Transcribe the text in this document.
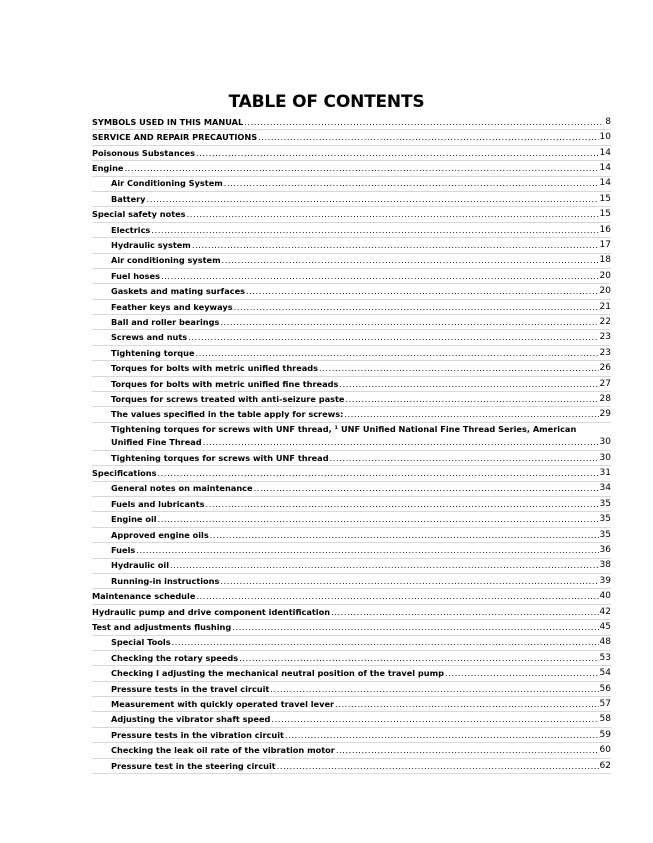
TABLE OF CONTENTS
SYMBOLS USED IN THIS MANUAL .....	8
SERVICE AND REPAIR PRECAUTIONS .....	10
Poisonous Substances .....	14
Engine .....	14
Air Conditioning System .....	14
Battery .....	15
Special safety notes .....	15
Electrics .....	16
Hydraulic system .....	17
Air conditioning system .....	18
Fuel hoses .....	20
Gaskets and mating surfaces .....	20
Feather keys and keyways .....	21
Ball and roller bearings .....	22
Screws and nuts .....	23
Tightening torque .....	23
Torques for bolts with metric unified threads .....	26
Torques for bolts with metric unified fine threads .....	27
Torques for screws treated with anti-seizure paste .....	28
The values specified in the table apply for screws: .....	29
Tightening torques for screws with UNF thread, ¹ UNF Unified National Fine Thread Series, American
Unified Fine Thread .....	30
Tightening torques for screws with UNF thread .....	30
Specifications .....	31
General notes on maintenance .....	34
Fuels and lubricants .....	35
Engine oil .....	35
Approved engine oils .....	35
Fuels .....	36
Hydraulic oil .....	38
Running-in instructions .....	39
Maintenance schedule .....	40
Hydraulic pump and drive component identification .....	42
Test and adjustments flushing .....	45
Special Tools .....	48
Checking the rotary speeds .....	53
Checking I adjusting the mechanical neutral position of the travel pump .....	54
Pressure tests in the travel circuit .....	56
Measurement with quickly operated travel lever .....	57
Adjusting the vibrator shaft speed .....	58
Pressure tests in the vibration circuit .....	59
Checking the leak oil rate of the vibration motor .....	60
Pressure test in the steering circuit .....	62
